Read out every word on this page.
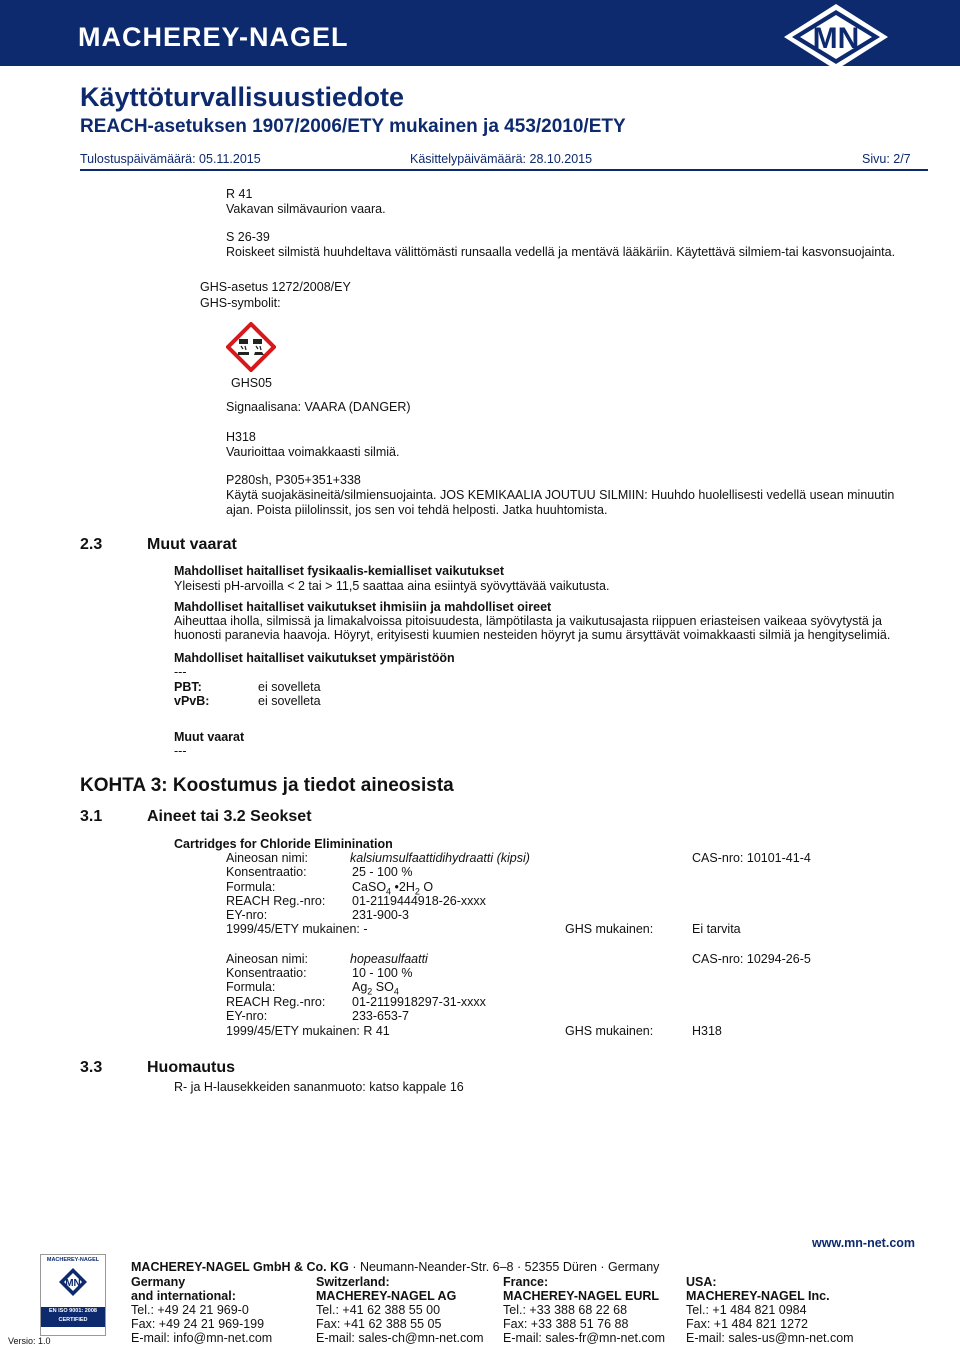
MACHEREY-NAGEL	MN
Käyttöturvallisuustiedote
REACH-asetuksen 1907/2006/ETY mukainen ja 453/2010/ETY
Tulostuspäivämäärä: 05.11.2015	Käsittelypäivämäärä: 28.10.2015	Sivu: 2/7
R 41
Vakavan silmävaurion vaara.
S 26-39
Roiskeet silmistä huuhdeltava välittömästi runsaalla vedellä ja mentävä lääkäriin. Käytettävä silmiem-tai kasvonsuojainta.
GHS-asetus 1272/2008/EY
GHS-symbolit:
GHS05
Signaalisana: VAARA (DANGER)
H318
Vaurioittaa voimakkaasti silmiä.
P280sh, P305+351+338
Käytä suojakäsineitä/silmiensuojainta. JOS KEMIKAALIA JOUTUU SILMIIN: Huuhdo huolellisesti vedellä usean minuutin
ajan. Poista piilolinssit, jos sen voi tehdä helposti. Jatka huuhtomista.
2.3	Muut vaarat
Mahdolliset haitalliset fysikaalis-kemialliset vaikutukset
Yleisesti pH-arvoilla < 2 tai > 11,5 saattaa aina esiintyä syövyttävää vaikutusta.
Mahdolliset haitalliset vaikutukset ihmisiin ja mahdolliset oireet
Aiheuttaa iholla, silmissä ja limakalvoissa pitoisuudesta, lämpötilasta ja vaikutusajasta riippuen eriasteisen vaikeaa syövytystä ja
huonosti paranevia haavoja. Höyryt, erityisesti kuumien nesteiden höyryt ja sumu ärsyttävät voimakkaasti silmiä ja hengityselimiä.
Mahdolliset haitalliset vaikutukset ympäristöön
---
PBT:	ei sovelleta
vPvB:	ei sovelleta
Muut vaarat
---
KOHTA 3: Koostumus ja tiedot aineosista
3.1	Aineet tai 3.2 Seokset
Cartridges for Chloride Eliminination
Aineosan nimi:	kalsiumsulfaattidihydraatti (kipsi)	CAS-nro: 10101-41-4
Konsentraatio:	25 - 100 %
Formula:	CaSO$_4$ $•2H_2$ O
REACH Reg.-nro: 01-2119444918-26-xxxx
EY-nro:	231-900-3
1999/45/ETY mukainen: -	GHS mukainen:	Ei tarvita
Aineosan nimi:	hopeasulfaatti	CAS-nro: 10294-26-5
Konsentraatio:	10 - 100 %
Formula:	$Ag_2$ $SO_4$
REACH Reg.-nro: 01-2119918297-31-xxxx
EY-nro:	233-653-7
1999/45/ETY mukainen: R 41	GHS mukainen:	H318
3.3	Huomautus
R- ja H-lausekkeiden sananmuoto: katso kappale 16
www.mn-net.com
MACHEREY-NAGEL GmbH & Co. KG · Neumann-Neander-Str. 6–8 · 52355 Düren · Germany
Germany
and international:
Tel.: +49 24 21 969-0
Fax: +49 24 21 969-199
E-mail: info@mn-net.com
Switzerland:
MACHEREY-NAGEL AG
Tel.: +41 62 388 55 00
Fax: +41 62 388 55 05
E-mail: sales-ch@mn-net.com
France:
MACHEREY-NAGEL EURL
Tel.: +33 388 68 22 68
Fax: +33 388 51 76 88
E-mail: sales-fr@mn-net.com
USA:
MACHEREY-NAGEL Inc.
Tel.: +1 484 821 0984
Fax: +1 484 821 1272
E-mail: sales-us@mn-net.com
MACHEREY-NAGEL
MN
EN ISO 9001: 2008
CERTIFIED
Versio: 1.0
